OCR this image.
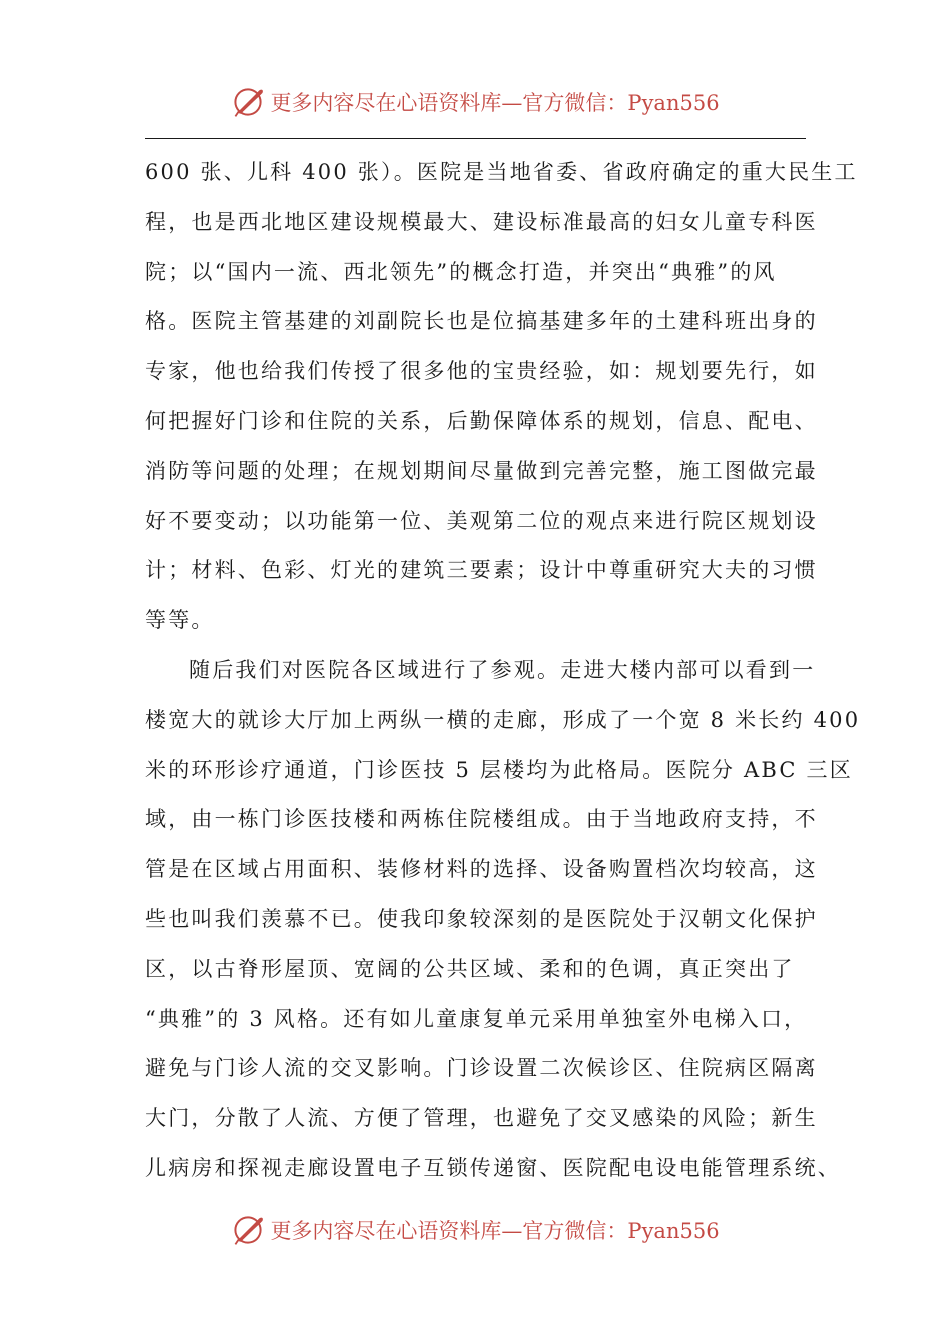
更多内容尽在心语资料库—官方微信：Pyan556
600 张、儿科 400 张）。医院是当地省委、省政府确定的重大民生工
程，也是西北地区建设规模最大、建设标准最高的妇女儿童专科医
院；以“国内一流、西北领先”的概念打造，并突出“典雅”的风
格。医院主管基建的刘副院长也是位搞基建多年的土建科班出身的
专家，他也给我们传授了很多他的宝贵经验，如：规划要先行，如
何把握好门诊和住院的关系，后勤保障体系的规划，信息、配电、
消防等问题的处理；在规划期间尽量做到完善完整，施工图做完最
好不要变动；以功能第一位、美观第二位的观点来进行院区规划设
计；材料、色彩、灯光的建筑三要素；设计中尊重研究大夫的习惯
等等。
随后我们对医院各区域进行了参观。走进大楼内部可以看到一
楼宽大的就诊大厅加上两纵一横的走廊，形成了一个宽 8 米长约 400
米的环形诊疗通道，门诊医技 5 层楼均为此格局。医院分 ABC 三区
域，由一栋门诊医技楼和两栋住院楼组成。由于当地政府支持，不
管是在区域占用面积、装修材料的选择、设备购置档次均较高，这
些也叫我们羡慕不已。使我印象较深刻的是医院处于汉朝文化保护
区，以古脊形屋顶、宽阔的公共区域、柔和的色调，真正突出了
“典雅”的 3 风格。还有如儿童康复单元采用单独室外电梯入口，
避免与门诊人流的交叉影响。门诊设置二次候诊区、住院病区隔离
大门，分散了人流、方便了管理，也避免了交叉感染的风险；新生
儿病房和探视走廊设置电子互锁传递窗、医院配电设电能管理系统、
更多内容尽在心语资料库—官方微信：Pyan556
